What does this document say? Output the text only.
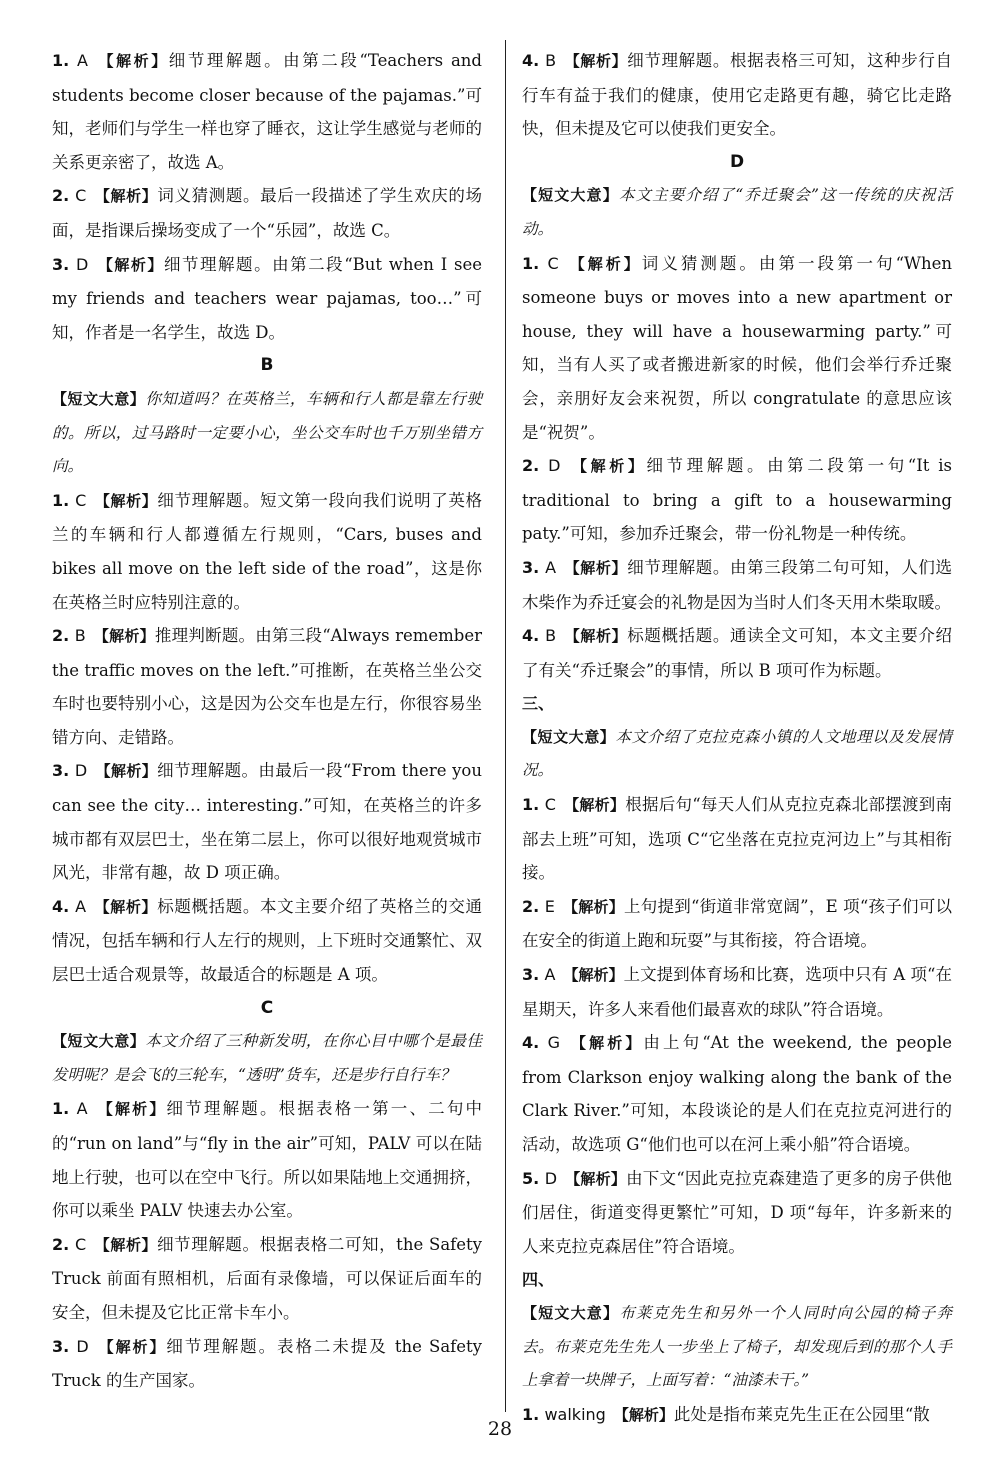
1. A 【解析】细节理解题。由第二段“Teachers and students become closer because of the pajamas.”可知，老师们与学生一样也穿了睡衣，这让学生感觉与老师的关系更亲密了，故选 A。

2. C 【解析】词义猜测题。最后一段描述了学生欢庆的场面，是指课后操场变成了一个“乐园”，故选 C。

3. D 【解析】细节理解题。由第二段“But when I see my friends and teachers wear pajamas, too…”可知，作者是一名学生，故选 D。

B

【短文大意】你知道吗？在英格兰，车辆和行人都是靠左行驶的。所以，过马路时一定要小心，坐公交车时也千万别坐错方向。

1. C 【解析】细节理解题。短文第一段向我们说明了英格兰的车辆和行人都遵循左行规则，“Cars, buses and bikes all move on the left side of the road”，这是你在英格兰时应特别注意的。

2. B 【解析】推理判断题。由第三段“Always remember the traffic moves on the left.”可推断，在英格兰坐公交车时也要特别小心，这是因为公交车也是左行，你很容易坐错方向、走错路。

3. D 【解析】细节理解题。由最后一段“From there you can see the city… interesting.”可知，在英格兰的许多城市都有双层巴士，坐在第二层上，你可以很好地观赏城市风光，非常有趣，故 D 项正确。

4. A 【解析】标题概括题。本文主要介绍了英格兰的交通情况，包括车辆和行人左行的规则，上下班时交通繁忙、双层巴士适合观景等，故最适合的标题是 A 项。

C

【短文大意】本文介绍了三种新发明，在你心目中哪个是最佳发明呢？是会飞的三轮车，“透明”货车，还是步行自行车？

1. A 【解析】细节理解题。根据表格一第一、二句中的“run on land”与“fly in the air”可知，PALV 可以在陆地上行驶，也可以在空中飞行。所以如果陆地上交通拥挤，你可以乘坐 PALV 快速去办公室。

2. C 【解析】细节理解题。根据表格二可知，the Safety Truck 前面有照相机，后面有录像墙，可以保证后面车的安全，但未提及它比正常卡车小。

3. D 【解析】细节理解题。表格二未提及 the Safety Truck 的生产国家。

4. B 【解析】细节理解题。根据表格三可知，这种步行自行车有益于我们的健康，使用它走路更有趣，骑它比走路快，但未提及它可以使我们更安全。

D

【短文大意】本文主要介绍了“乔迁聚会”这一传统的庆祝活动。

1. C 【解析】词义猜测题。由第一段第一句“When someone buys or moves into a new apartment or house, they will have a housewarming party.”可知，当有人买了或者搬进新家的时候，他们会举行乔迁聚会，亲朋好友会来祝贺，所以 congratulate 的意思应该是“祝贺”。

2. D 【解析】细节理解题。由第二段第一句“It is traditional to bring a gift to a housewarming paty.”可知，参加乔迁聚会，带一份礼物是一种传统。

3. A 【解析】细节理解题。由第三段第二句可知，人们选木柴作为乔迁宴会的礼物是因为当时人们冬天用木柴取暖。

4. B 【解析】标题概括题。通读全文可知，本文主要介绍了有关“乔迁聚会”的事情，所以 B 项可作为标题。

三、

【短文大意】本文介绍了克拉克森小镇的人文地理以及发展情况。

1. C 【解析】根据后句“每天人们从克拉克森北部摆渡到南部去上班”可知，选项 C“它坐落在克拉克河边上”与其相衔接。

2. E 【解析】上句提到“街道非常宽阔”，E 项“孩子们可以在安全的街道上跑和玩耍”与其衔接，符合语境。

3. A 【解析】上文提到体育场和比赛，选项中只有 A 项“在星期天，许多人来看他们最喜欢的球队”符合语境。

4. G 【解析】由上句“At the weekend, the people from Clarkson enjoy walking along the bank of the Clark River.”可知，本段谈论的是人们在克拉克河进行的活动，故选项 G“他们也可以在河上乘小船”符合语境。

5. D 【解析】由下文“因此克拉克森建造了更多的房子供他们居住，街道变得更繁忙”可知，D 项“每年，许多新来的人来克拉克森居住”符合语境。

四、

【短文大意】布莱克先生和另外一个人同时向公园的椅子奔去。布莱克先生先人一步坐上了椅子，却发现后到的那个人手上拿着一块牌子，上面写着：“油漆未干。”

1. walking 【解析】此处是指布莱克先生正在公园里“散

28
